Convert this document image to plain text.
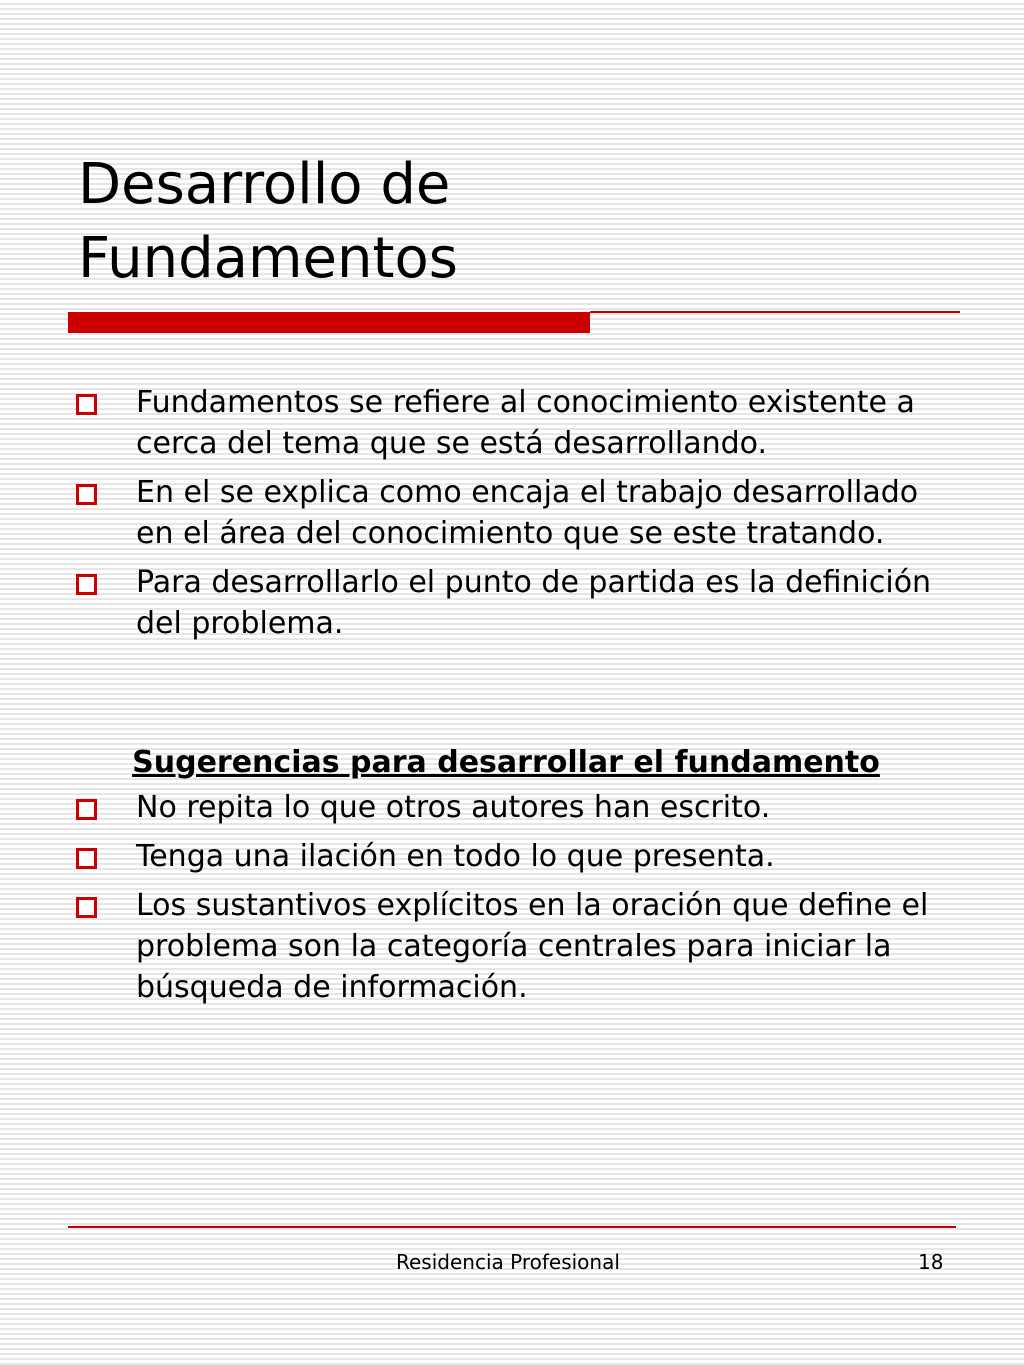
Desarrollo de
Fundamentos
Fundamentos se refiere al conocimiento existente a cerca del tema que se está desarrollando.
En el se explica como encaja el trabajo desarrollado en el área del conocimiento que se este tratando.
Para desarrollarlo el punto de partida es la definición del problema.
Sugerencias para desarrollar el fundamento
No repita lo que otros autores han escrito.
Tenga una ilación en todo lo que presenta.
Los sustantivos explícitos en la oración que define el problema son la categoría centrales para iniciar la búsqueda de información.
Residencia Profesional	18
